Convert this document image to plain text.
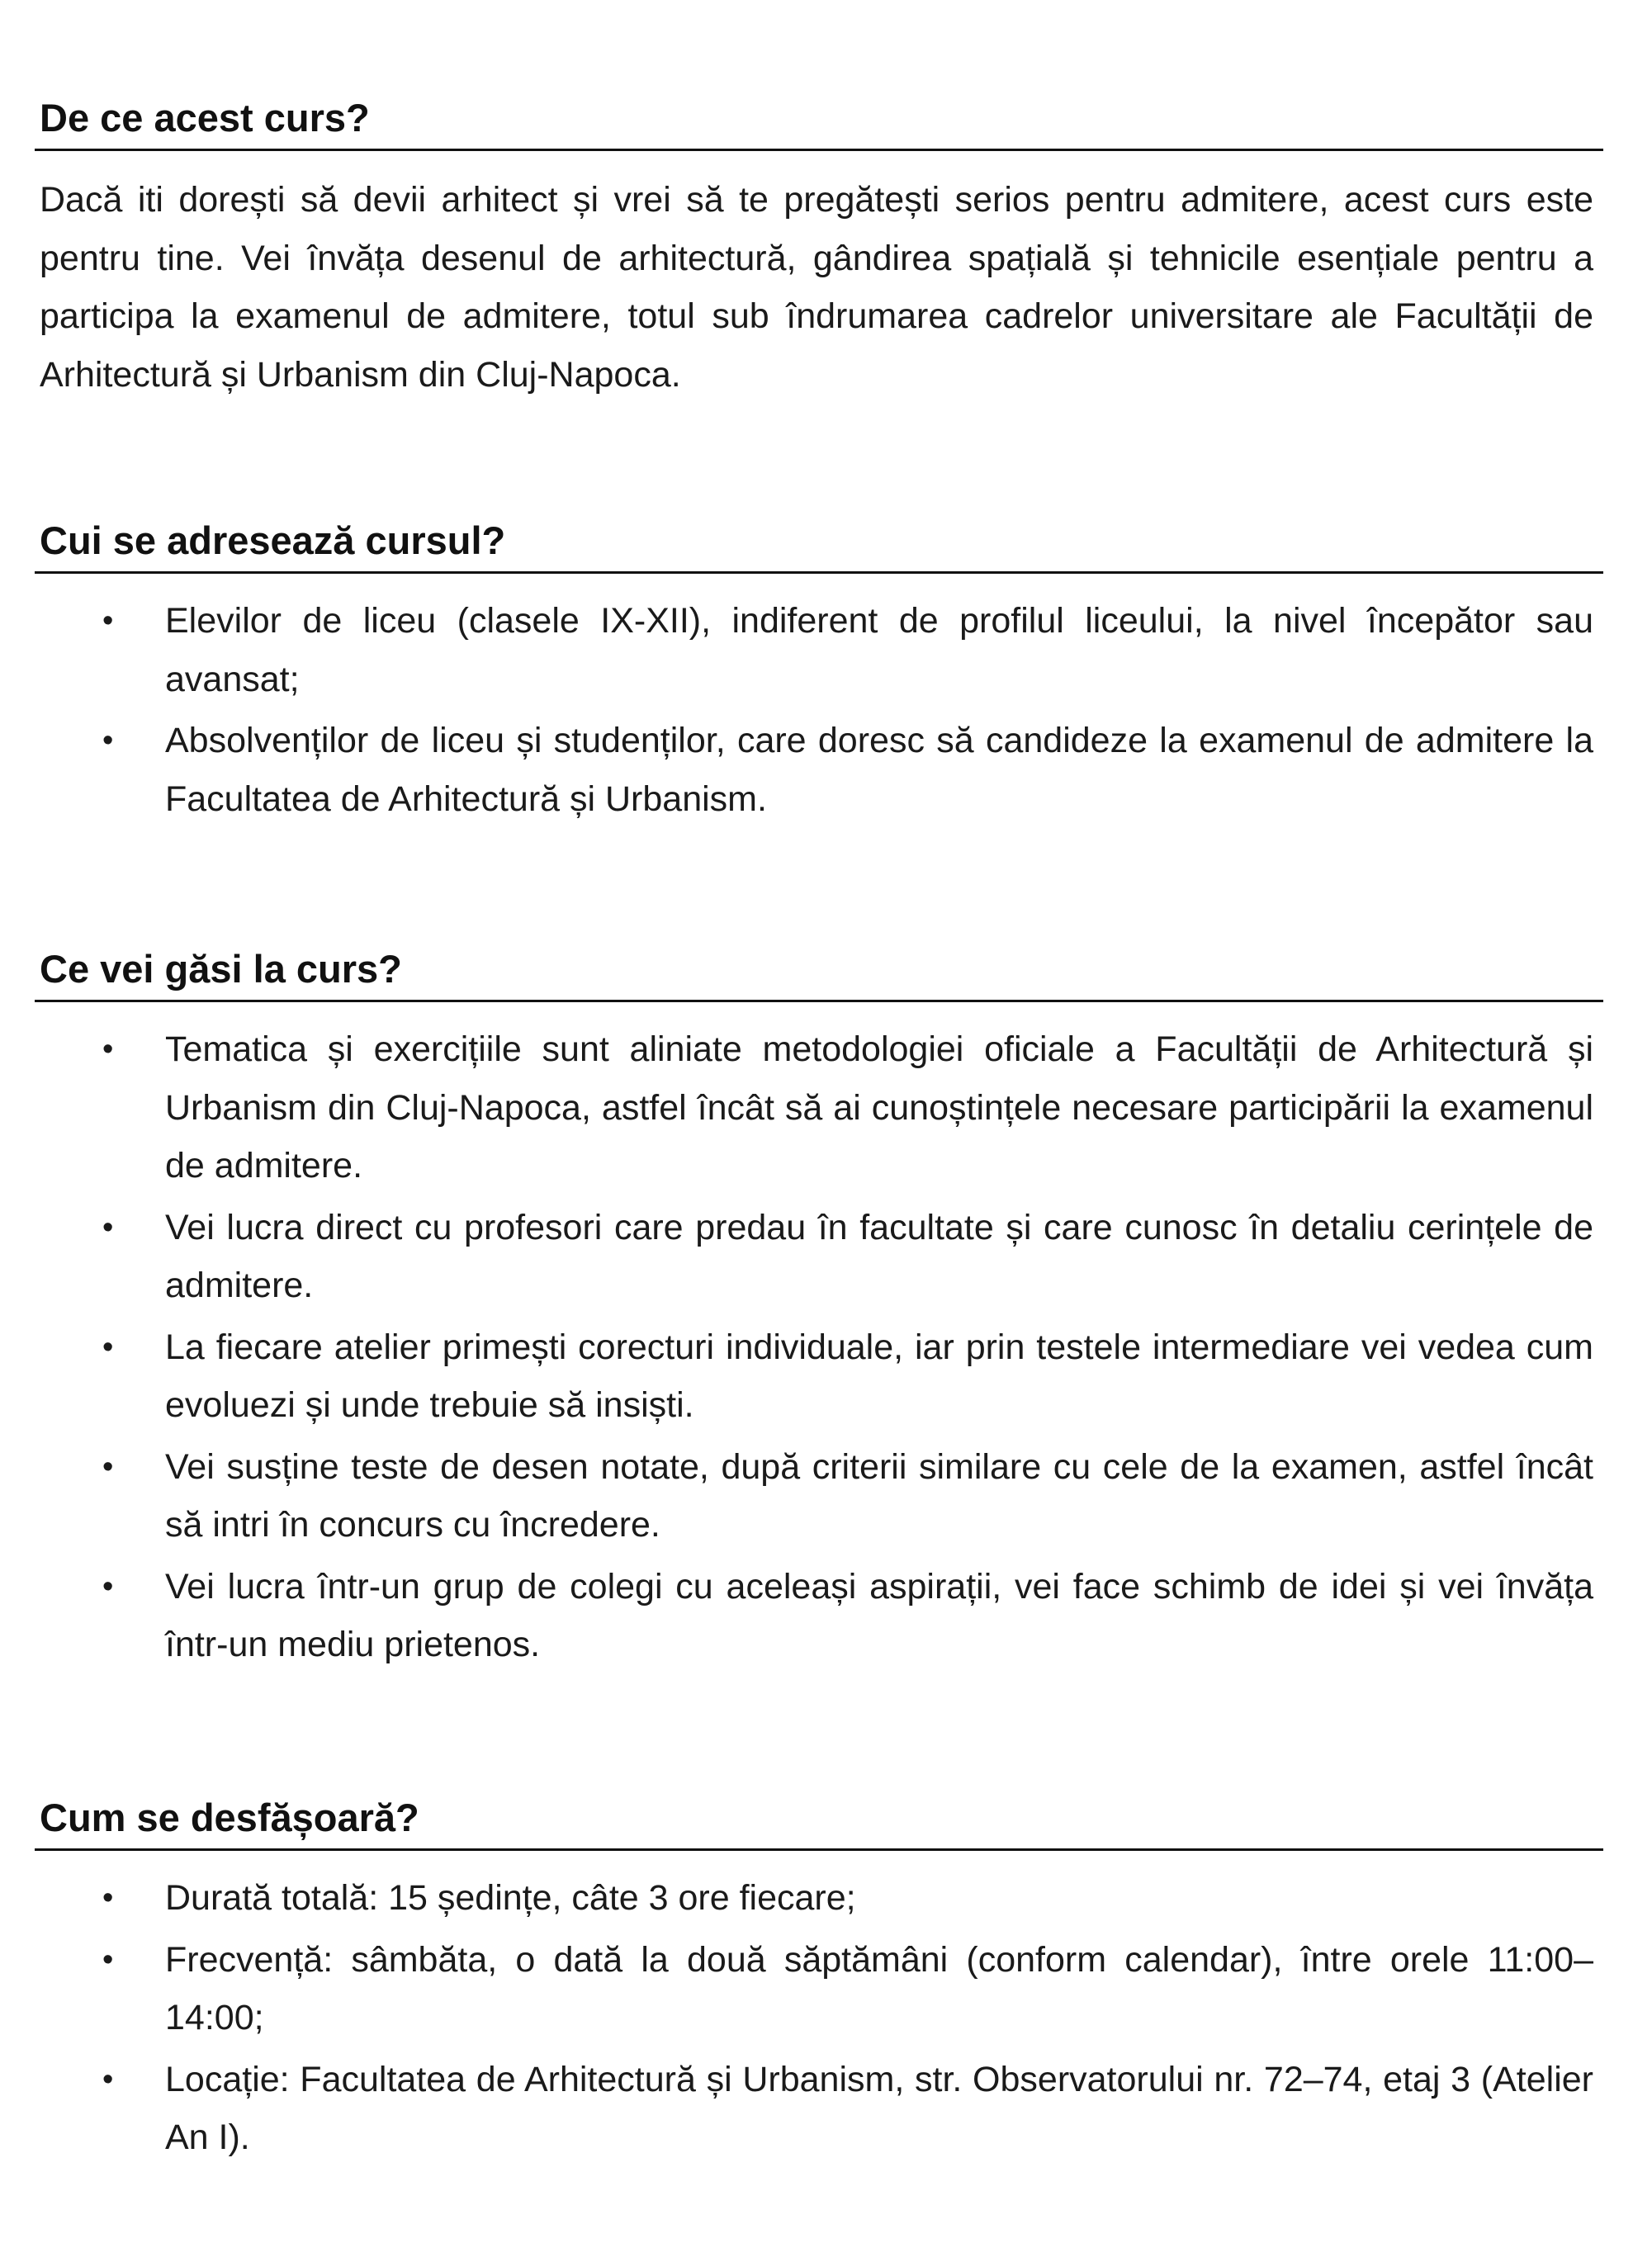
De ce acest curs?

Dacă iti dorești să devii arhitect și vrei să te pregătești serios pentru admitere, acest curs este pentru tine. Vei învăța desenul de arhitectură, gândirea spațială și tehnicile esențiale pentru a participa la examenul de admitere, totul sub îndrumarea cadrelor universitare ale Facultății de Arhitectură și Urbanism din Cluj-Napoca.

Cui se adresează cursul?
• Elevilor de liceu (clasele IX-XII), indiferent de profilul liceului, la nivel începător sau avansat;
• Absolvenților de liceu și studenților, care doresc să candideze la examenul de admitere la Facultatea de Arhitectură și Urbanism.
Ce vei găsi la curs?
• Tematica și exercițiile sunt aliniate metodologiei oficiale a Facultății de Arhitectură și Urbanism din Cluj-Napoca, astfel încât să ai cunoștințele necesare participării la examenul de admitere.
• Vei lucra direct cu profesori care predau în facultate și care cunosc în detaliu cerințele de admitere.
• La fiecare atelier primești corecturi individuale, iar prin testele intermediare vei vedea cum evoluezi și unde trebuie să insiști.
• Vei susține teste de desen notate, după criterii similare cu cele de la examen, astfel încât să intri în concurs cu încredere.
• Vei lucra într-un grup de colegi cu aceleași aspirații, vei face schimb de idei și vei învăța într-un mediu prietenos.
Cum se desfășoară?
• Durată totală: 15 ședințe, câte 3 ore fiecare;
• Frecvență: sâmbăta, o dată la două săptămâni (conform calendar), între orele 11:00–14:00;
• Locație: Facultatea de Arhitectură și Urbanism, str. Observatorului nr. 72–74, etaj 3 (Atelier An I).
